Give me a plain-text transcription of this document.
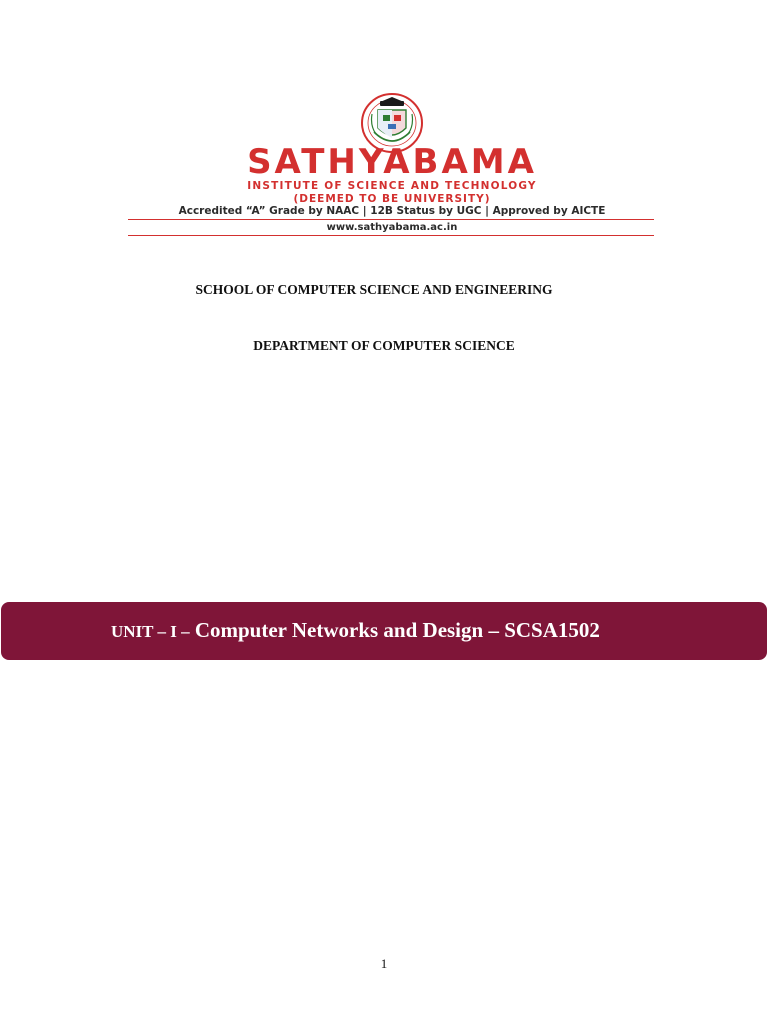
SATHYABAMA
INSTITUTE OF SCIENCE AND TECHNOLOGY
(DEEMED TO BE UNIVERSITY)
Accredited “A” Grade by NAAC | 12B Status by UGC | Approved by AICTE
www.sathyabama.ac.in
SCHOOL OF COMPUTER SCIENCE AND ENGINEERING
DEPARTMENT OF COMPUTER SCIENCE
UNIT – I – Computer Networks and Design – SCSA1502
1
